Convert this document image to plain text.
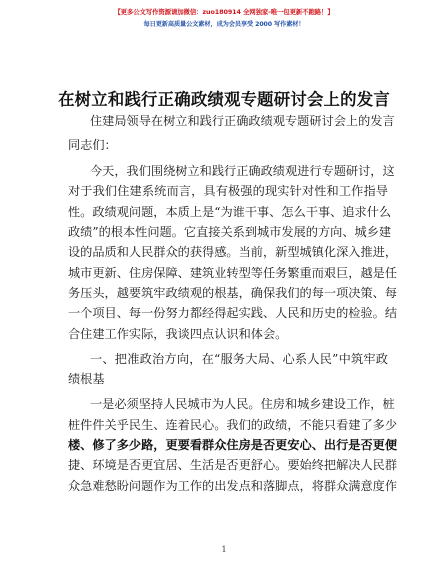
【更多公文写作资源请加微信：zuo180914 全网独家-唯一包更新不跑路！】
每日更新高质量公文素材，成为会员享受 2000 写作素材！
在树立和践行正确政绩观专题研讨会上的发言
住建局领导在树立和践行正确政绩观专题研讨会上的发言
同志们：
今天，我们围绕树立和践行正确政绩观进行专题研讨，这
对于我们住建系统而言，具有极强的现实针对性和工作指导
性。政绩观问题，本质上是“为谁干事、怎么干事、追求什么
政绩”的根本性问题。它直接关系到城市发展的方向、城乡建
设的品质和人民群众的获得感。当前，新型城镇化深入推进，
城市更新、住房保障、建筑业转型等任务繁重而艰巨，越是任
务压头，越要筑牢政绩观的根基，确保我们的每一项决策、每
一个项目、每一份努力都经得起实践、人民和历史的检验。结
合住建工作实际，我谈四点认识和体会。
一、把准政治方向，在“服务大局、心系人民”中筑牢政
绩根基
一是必须坚持人民城市为人民。住房和城乡建设工作，桩
桩件件关乎民生、连着民心。我们的政绩，不能只看建了多少
楼、修了多少路，更要看群众住房是否更安心、出行是否更便
捷、环境是否更宜居、生活是否更舒心。要始终把解决人民群
众急难愁盼问题作为工作的出发点和落脚点，将群众满意度作
1
